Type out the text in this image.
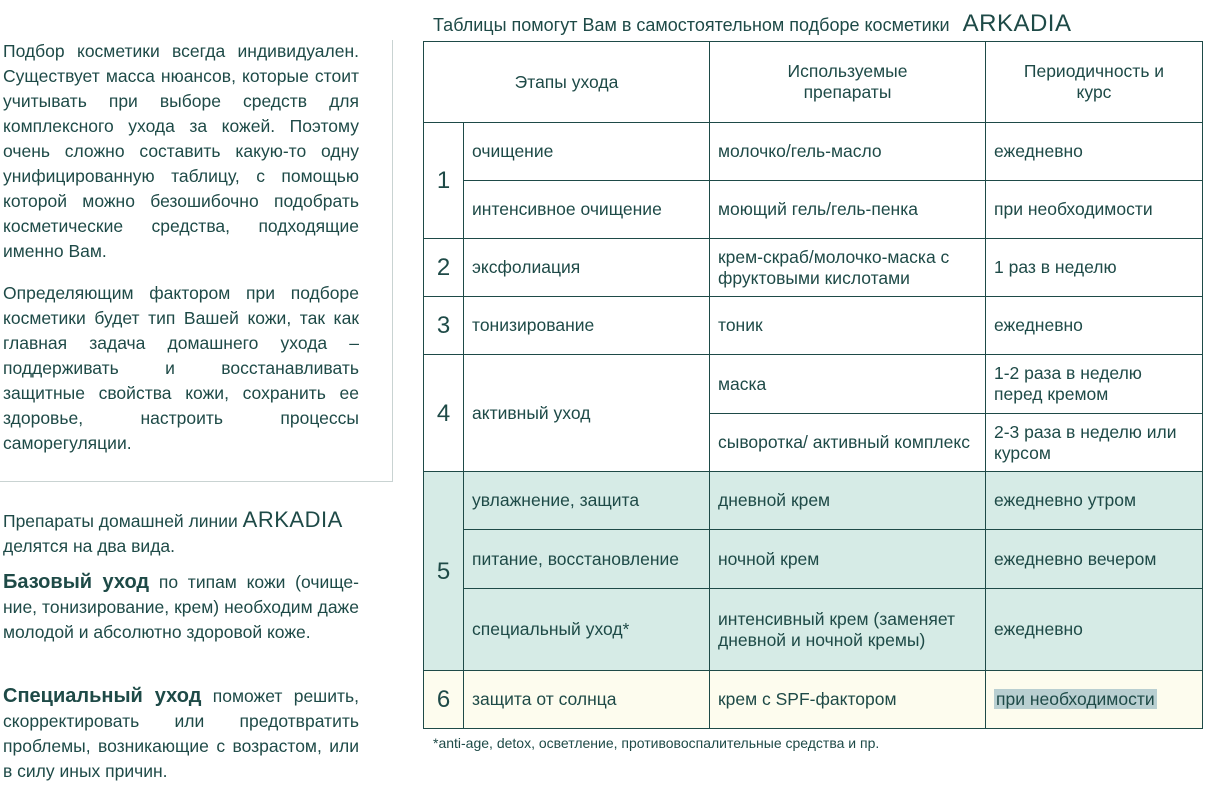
Подбор косметики всегда индивидуален. Существует масса нюансов, которые стоит учитывать при выборе средств для комплексного ухода за кожей. Поэтому очень сложно составить какую-то одну унифицированную таблицу, с помощью которой можно безошибочно подобрать косметические средства, подходящие именно Вам.

Определяющим фактором при подборе косметики будет тип Вашей кожи, так как главная задача домашнего ухода – поддерживать и восстанавливать защитные свойства кожи, сохранить ее здоровье, настроить процессы саморегуляции.

Препараты домашней линии ARKADIA
делятся на два вида.
Базовый уход по типам кожи (очище-ние, тонизирование, крем) необходим даже молодой и абсолютно здоровой коже.
Специальный уход поможет решить, скорректировать или предотвратить проблемы, возникающие с возрастом, или в силу иных причин.
Таблицы помогут Вам в самостоятельном подборе косметики ARKADIA
Этапы ухода		Используемые препараты	Периодичность и курс
1	очищение	молочко/гель-масло	ежедневно
	интенсивное очищение	моющий гель/гель-пенка	при необходимости
2	эксфолиация	крем-скраб/молочко-маска с фруктовыми кислотами	1 раз в неделю
3	тонизирование	тоник	ежедневно
4	активный уход	маска	1-2 раза в неделю перед кремом
		сыворотка/ активный комплекс	2-3 раза в неделю или курсом
5	увлажнение, защита	дневной крем	ежедневно утром
	питание, восстановление	ночной крем	ежедневно вечером
	специальный уход*	интенсивный крем (заменяет дневной и ночной кремы)	ежедневно
6	защита от солнца	крем с SPF-фактором	при необходимости
*anti-age, detox, осветление, противовоспалительные средства и пр.
